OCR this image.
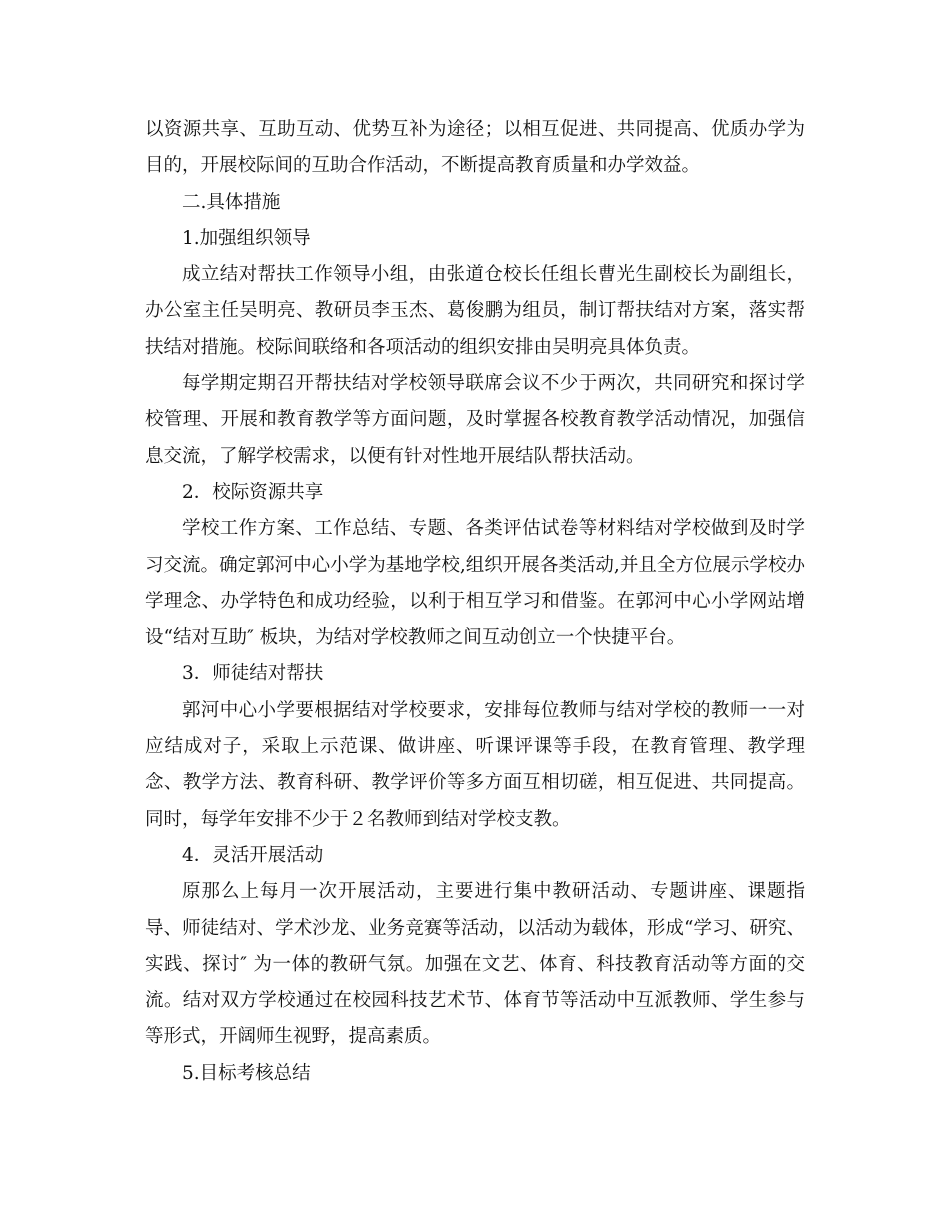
以资源共享、互助互动、优势互补为途径；以相互促进、共同提高、优质办学为目的，开展校际间的互助合作活动，不断提高教育质量和办学效益。

二.具体措施

1.加强组织领导

成立结对帮扶工作领导小组，由张道仓校长任组长曹光生副校长为副组长，办公室主任吴明亮、教研员李玉杰、葛俊鹏为组员，制订帮扶结对方案，落实帮扶结对措施。校际间联络和各项活动的组织安排由吴明亮具体负责。

每学期定期召开帮扶结对学校领导联席会议不少于两次，共同研究和探讨学校管理、开展和教育教学等方面问题，及时掌握各校教育教学活动情况，加强信息交流，了解学校需求，以便有针对性地开展结队帮扶活动。

2．校际资源共享

学校工作方案、工作总结、专题、各类评估试卷等材料结对学校做到及时学习交流。确定郭河中心小学为基地学校,组织开展各类活动,并且全方位展示学校办学理念、办学特色和成功经验，以利于相互学习和借鉴。在郭河中心小学网站增设“结对互助″ 板块，为结对学校教师之间互动创立一个快捷平台。

3．师徒结对帮扶

郭河中心小学要根据结对学校要求，安排每位教师与结对学校的教师一一对应结成对子，采取上示范课、做讲座、听课评课等手段，在教育管理、教学理念、教学方法、教育科研、教学评价等多方面互相切磋，相互促进、共同提高。同时，每学年安排不少于２名教师到结对学校支教。

4．灵活开展活动

原那么上每月一次开展活动，主要进行集中教研活动、专题讲座、课题指导、师徒结对、学术沙龙、业务竞赛等活动，以活动为载体，形成“学习、研究、实践、探讨″ 为一体的教研气氛。加强在文艺、体育、科技教育活动等方面的交流。结对双方学校通过在校园科技艺术节、体育节等活动中互派教师、学生参与等形式，开阔师生视野，提高素质。

5.目标考核总结
